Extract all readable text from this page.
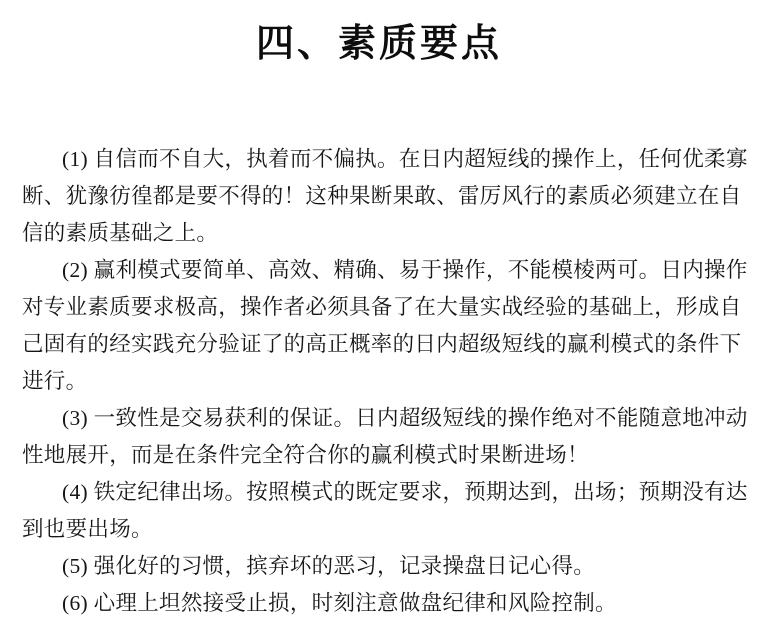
四、素质要点
(1) 自信而不自大，执着而不偏执。在日内超短线的操作上，任何优柔寡
断、犹豫彷徨都是要不得的！这种果断果敢、雷厉风行的素质必须建立在自
信的素质基础之上。
(2) 赢利模式要简单、高效、精确、易于操作，不能模棱两可。日内操作
对专业素质要求极高，操作者必须具备了在大量实战经验的基础上，形成自
己固有的经实践充分验证了的高正概率的日内超级短线的赢利模式的条件下
进行。
(3) 一致性是交易获利的保证。日内超级短线的操作绝对不能随意地冲动
性地展开，而是在条件完全符合你的赢利模式时果断进场！
(4) 铁定纪律出场。按照模式的既定要求，预期达到，出场；预期没有达
到也要出场。
(5) 强化好的习惯，摈弃坏的恶习，记录操盘日记心得。
(6) 心理上坦然接受止损，时刻注意做盘纪律和风险控制。
